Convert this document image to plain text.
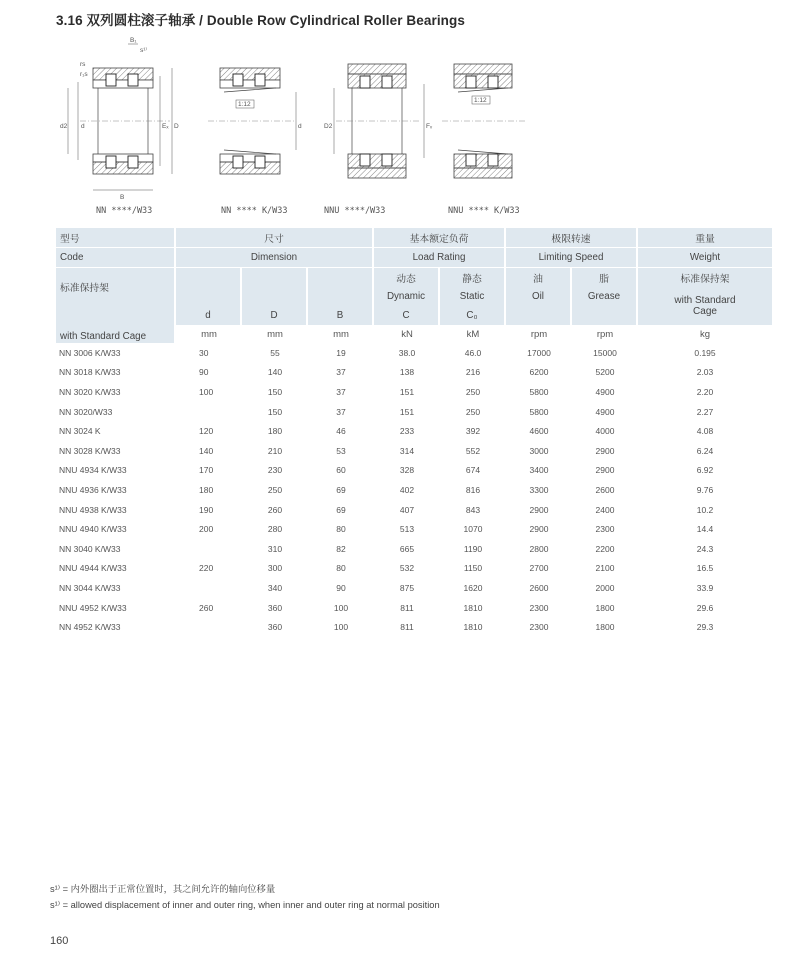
3.16 双列圆柱滚子轴承 / Double Row Cylindrical Roller Bearings
B₁
s¹⁾
rs
r₁s
d2 d	Eₓ D
B
1:12
d	D2	Fᵥ
1:12
NN ****/W33	NN **** K/W33	NNU ****/W33	NNU **** K/W33
型号	尺寸			基本额定负荷		极限转速		重量
Code	Dimension			Load Rating		Limiting Speed		Weight
标准保持架				动态	静态	油	脂	标准保持架
				Dynamic	Static	Oil	Grease	with Standard Cage
with Standard Cage	d	D	B	C	C₀			
	mm	mm	mm	kN	kM	rpm	rpm	kg
NN 3006 K/W33	30	55	19	38.0	46.0	17000	15000	0.195
NN 3018 K/W33	90	140	37	138	216	6200	5200	2.03
NN 3020 K/W33	100	150	37	151	250	5800	4900	2.20
NN 3020/W33		150	37	151	250	5800	4900	2.27
NN 3024 K	120	180	46	233	392	4600	4000	4.08
NN 3028 K/W33	140	210	53	314	552	3000	2900	6.24
NNU 4934 K/W33	170	230	60	328	674	3400	2900	6.92
NNU 4936 K/W33	180	250	69	402	816	3300	2600	9.76
NNU 4938 K/W33	190	260	69	407	843	2900	2400	10.2
NNU 4940 K/W33	200	280	80	513	1070	2900	2300	14.4
NN 3040 K/W33		310	82	665	1190	2800	2200	24.3
NNU 4944 K/W33	220	300	80	532	1150	2700	2100	16.5
NN 3044 K/W33		340	90	875	1620	2600	2000	33.9
NNU 4952 K/W33	260	360	100	811	1810	2300	1800	29.6
NN 4952 K/W33		360	100	811	1810	2300	1800	29.3
s¹⁾ = 内外圈出于正常位置时，其之间允许的轴向位移量
s¹⁾ = allowed displacement of inner and outer ring, when inner and outer ring at normal position
160
